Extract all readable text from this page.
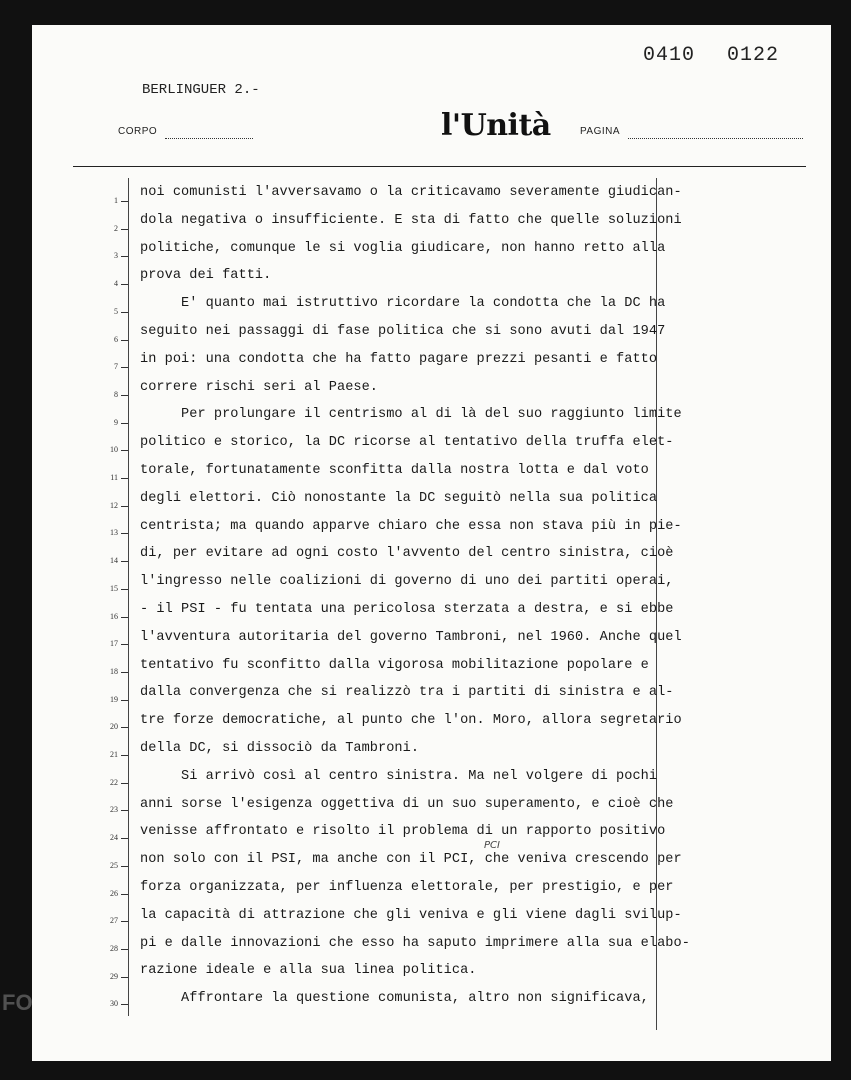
0410 0122
BERLINGUER 2.-
CORPO	l'Unità	PAGINA
1
2
3
4
5
6
7
8
9
10
11
12
13
14
15
16
17
18
19
20
21
22
23
24
25
26
27
28
29
30
noi comunisti l'avversavamo o la criticavamo severamente giudican-
dola negativa o insufficiente. E sta di fatto che quelle soluzioni
politiche, comunque le si voglia giudicare, non hanno retto alla
prova dei fatti.
E' quanto mai istruttivo ricordare la condotta che la DC ha
seguito nei passaggi di fase politica che si sono avuti dal 1947
in poi: una condotta che ha fatto pagare prezzi pesanti e fatto
correre rischi seri al Paese.
Per prolungare il centrismo al di là del suo raggiunto limite
politico e storico, la DC ricorse al tentativo della truffa elet-
torale, fortunatamente sconfitta dalla nostra lotta e dal voto
degli elettori. Ciò nonostante la DC seguitò nella sua politica
centrista; ma quando apparve chiaro che essa non stava più in pie-
di, per evitare ad ogni costo l'avvento del centro sinistra, cioè
l'ingresso nelle coalizioni di governo di uno dei partiti operai,
- il PSI - fu tentata una pericolosa sterzata a destra, e si ebbe
l'avventura autoritaria del governo Tambroni, nel 1960. Anche quel
tentativo fu sconfitto dalla vigorosa mobilitazione popolare e
dalla convergenza che si realizzò tra i partiti di sinistra e al-
tre forze democratiche, al punto che l'on. Moro, allora segretario
della DC, si dissociò da Tambroni.
Si arrivò così al centro sinistra. Ma nel volgere di pochi
anni sorse l'esigenza oggettiva di un suo superamento, e cioè che
venisse affrontato e risolto il problema di un rapporto positivo
non solo con il PSI, ma anche con il PCI, che veniva crescendo per
forza organizzata, per influenza elettorale, per prestigio, e per
la capacità di attrazione che gli veniva e gli viene dagli svilup-
pi e dalle innovazioni che esso ha saputo imprimere alla sua elabo-
razione ideale e alla sua linea politica.
Affrontare la questione comunista, altro non significava,
PCI
FO
